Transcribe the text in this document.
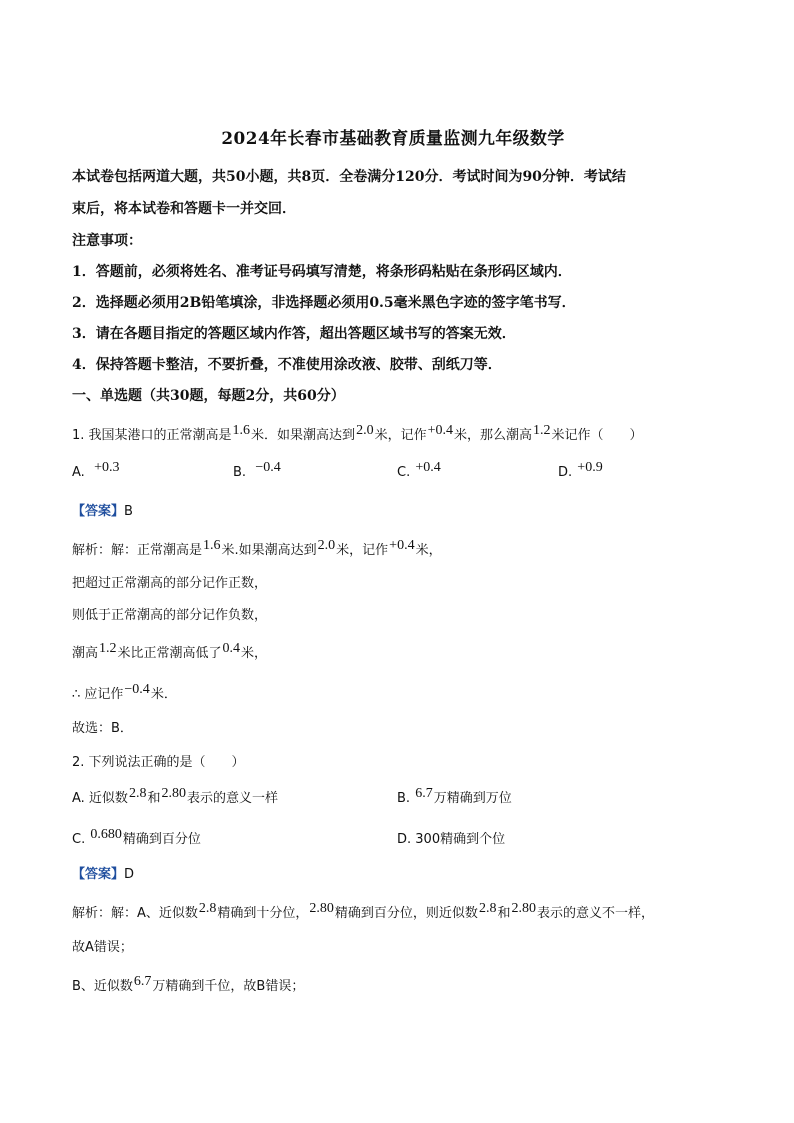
2024年长春市基础教育质量监测九年级数学
本试卷包括两道大题，共50小题，共8页．全卷满分120分．考试时间为90分钟．考试结
束后，将本试卷和答题卡一并交回．
注意事项：
1．答题前，必须将姓名、准考证号码填写清楚，将条形码粘贴在条形码区域内．
2．选择题必须用2B铅笔填涂，非选择题必须用0.5毫米黑色字迹的签字笔书写．
3．请在各题目指定的答题区域内作答，超出答题区域书写的答案无效．
4．保持答题卡整洁，不要折叠，不准使用涂改液、胶带、刮纸刀等．
一、单选题（共30题，每题2分，共60分）
1. 我国某港口的正常潮高是1.6米．如果潮高达到2.0米，记作+0.4米，那么潮高1.2米记作（　　）
A. +0.3	B. −0.4	C. +0.4	D. +0.9
【答案】B
解析：解：正常潮高是1.6米.如果潮高达到2.0米，记作+0.4米，
把超过正常潮高的部分记作正数，
则低于正常潮高的部分记作负数，
潮高1.2米比正常潮高低了0.4米，
∴ 应记作−0.4米．
故选：B．
2. 下列说法正确的是（　　）
A. 近似数2.8和2.80表示的意义一样	B. 6.7万精确到万位
C. 0.680精确到百分位	D. 300精确到个位
【答案】D
解析：解：A、近似数2.8精确到十分位，2.80精确到百分位，则近似数2.8和2.80表示的意义不一样，
故A错误；
B、近似数6.7万精确到千位，故B错误；
